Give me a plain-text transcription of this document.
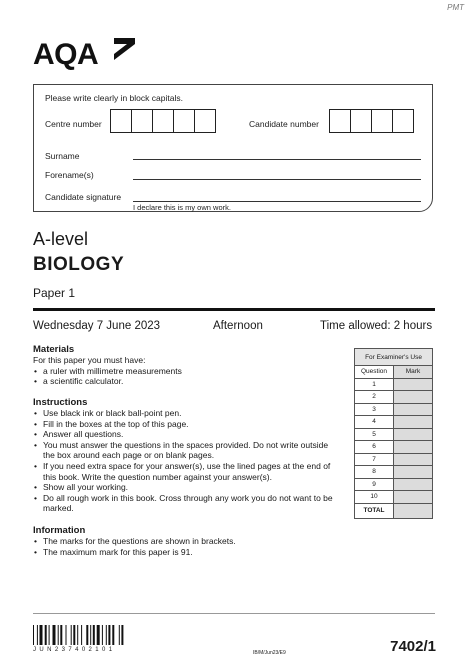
PMT
AQA
Please write clearly in block capitals.
Centre number	Candidate number
Surname
Forename(s)
Candidate signature
I declare this is my own work.
A-level
BIOLOGY
Paper 1
Wednesday 7 June 2023	Afternoon	Time allowed: 2 hours
Materials
For this paper you must have:
• a ruler with millimetre measurements
• a scientific calculator.
Instructions
• Use black ink or black ball-point pen.
• Fill in the boxes at the top of this page.
• Answer all questions.
• You must answer the questions in the spaces provided. Do not write outside the box around each page or on blank pages.
• If you need extra space for your answer(s), use the lined pages at the end of this book. Write the question number against your answer(s).
• Show all your working.
• Do all rough work in this book. Cross through any work you do not want to be marked.
Information
• The marks for the questions are shown in brackets.
• The maximum mark for this paper is 91.
For Examiner's Use	
Question	Mark
1	
2	
3	
4	
5	
6	
7	
8	
9	
10	
TOTAL	
JUN237402101	IB/M/Jun23/E9	7402/1
